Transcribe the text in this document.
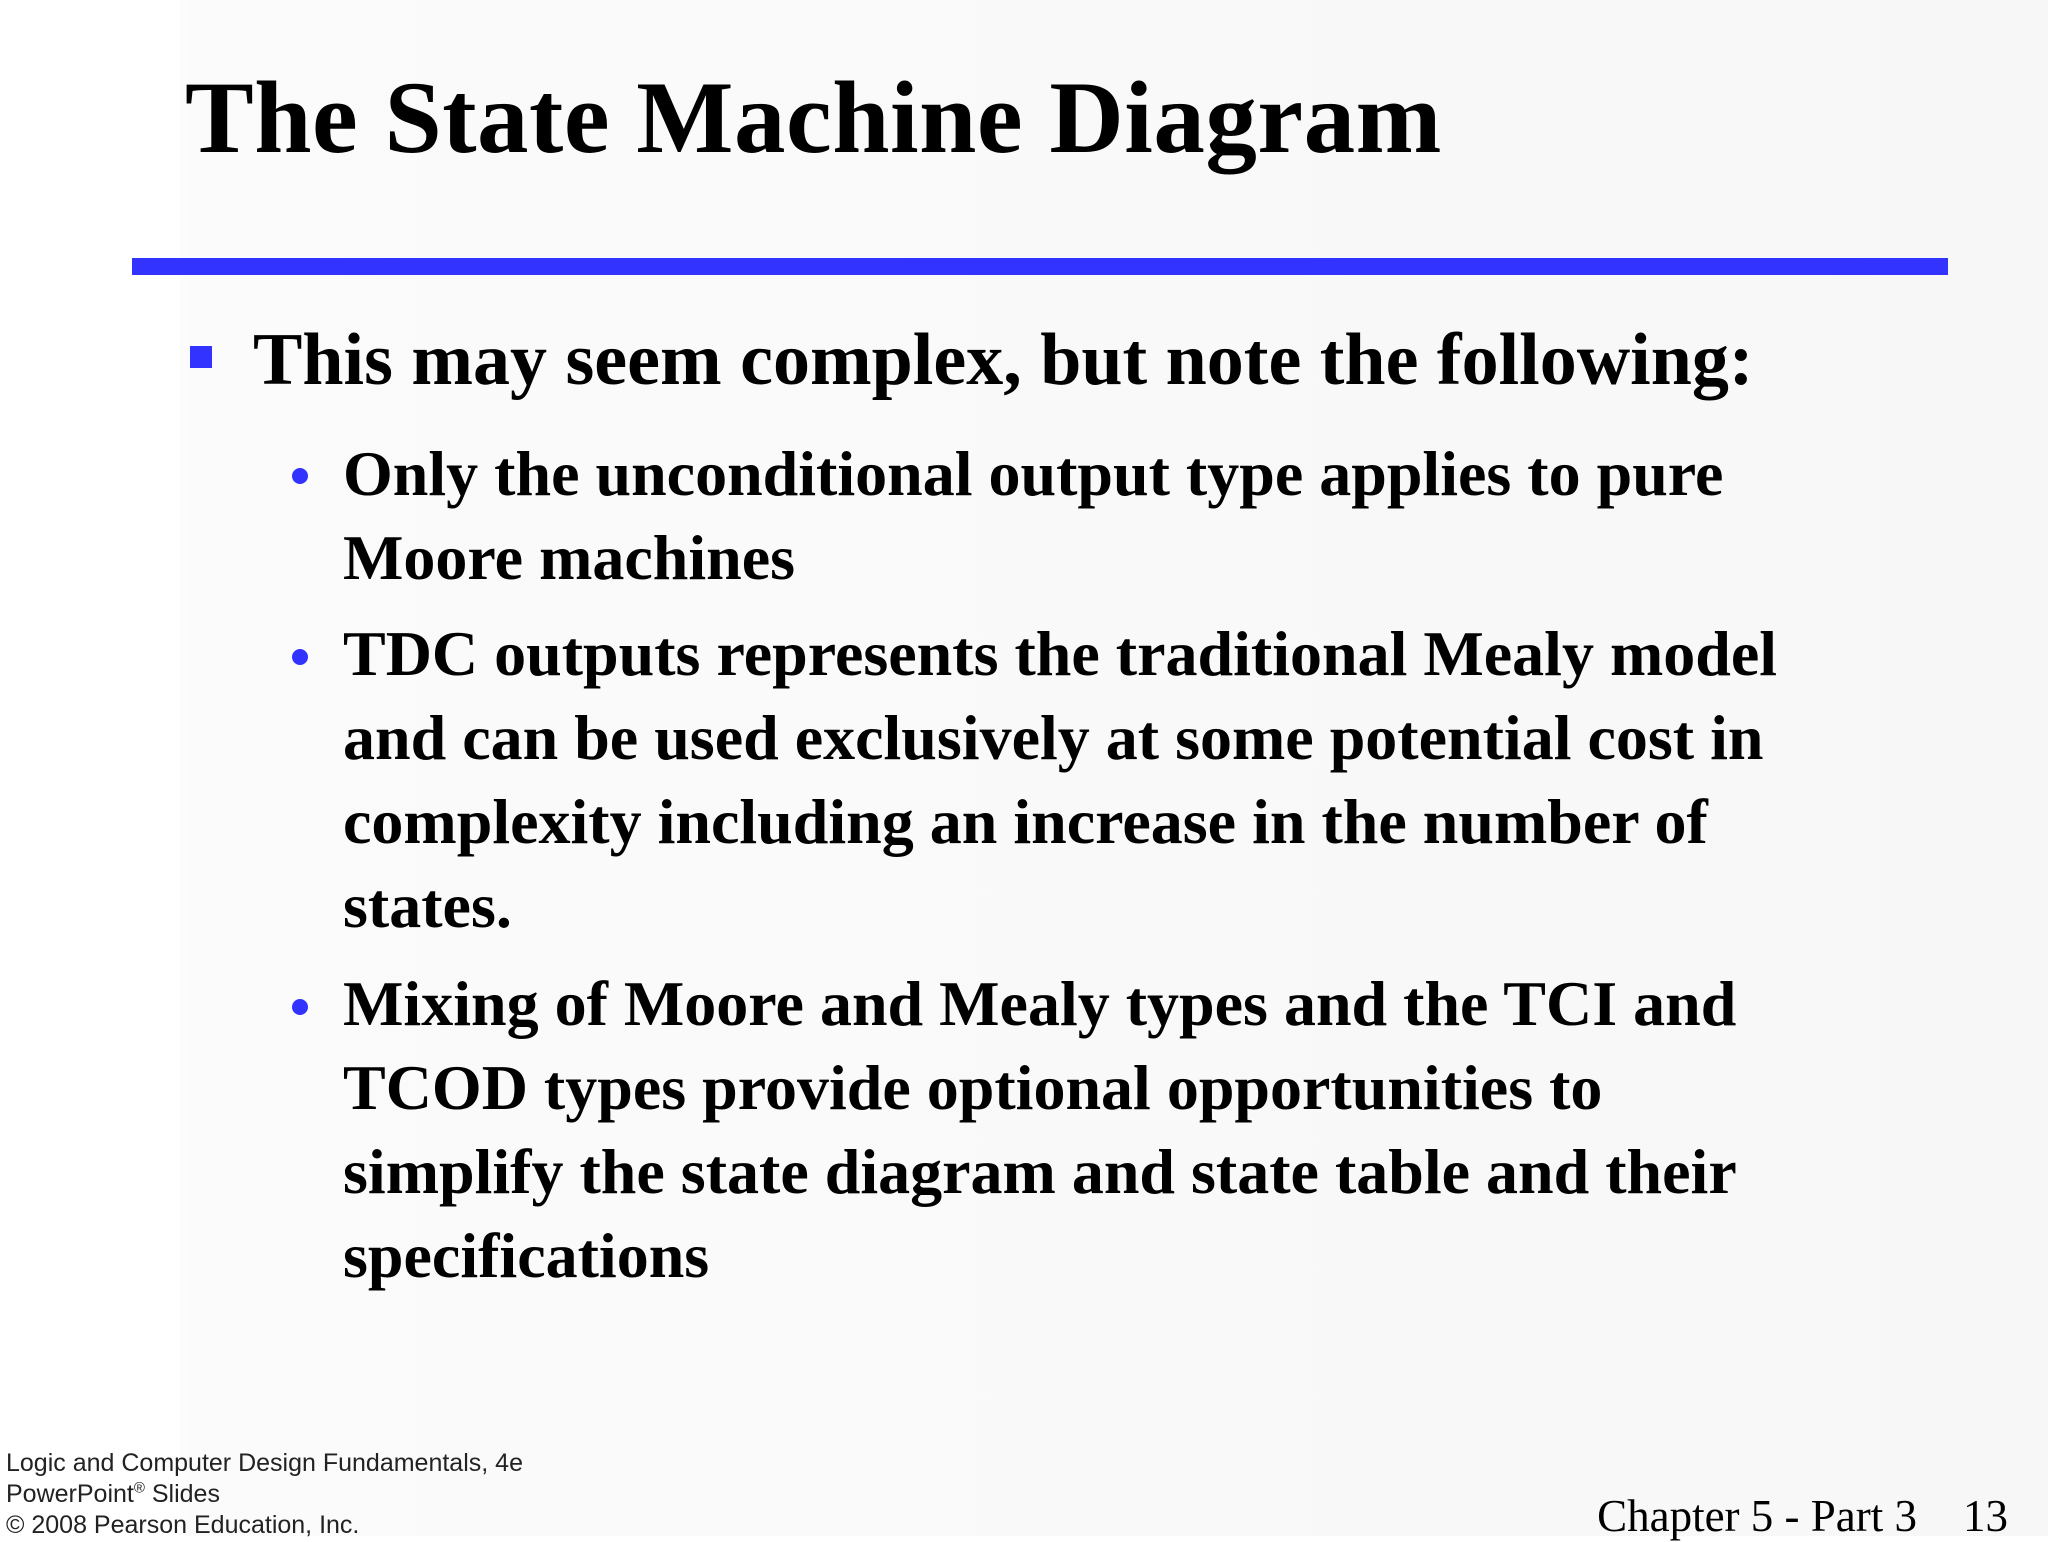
The State Machine Diagram
This may seem complex, but note the following:
Only the unconditional output type applies to pure
Moore machines
TDC outputs represents the traditional Mealy model
and can be used exclusively at some potential cost in
complexity including an increase in the number of
states.
Mixing of Moore and Mealy types and the TCI and
TCOD types provide optional opportunities to
simplify the state diagram and state table and their
specifications
Logic and Computer Design Fundamentals, 4e
PowerPoint® Slides
© 2008 Pearson Education, Inc.	Chapter 5 - Part 3 13
